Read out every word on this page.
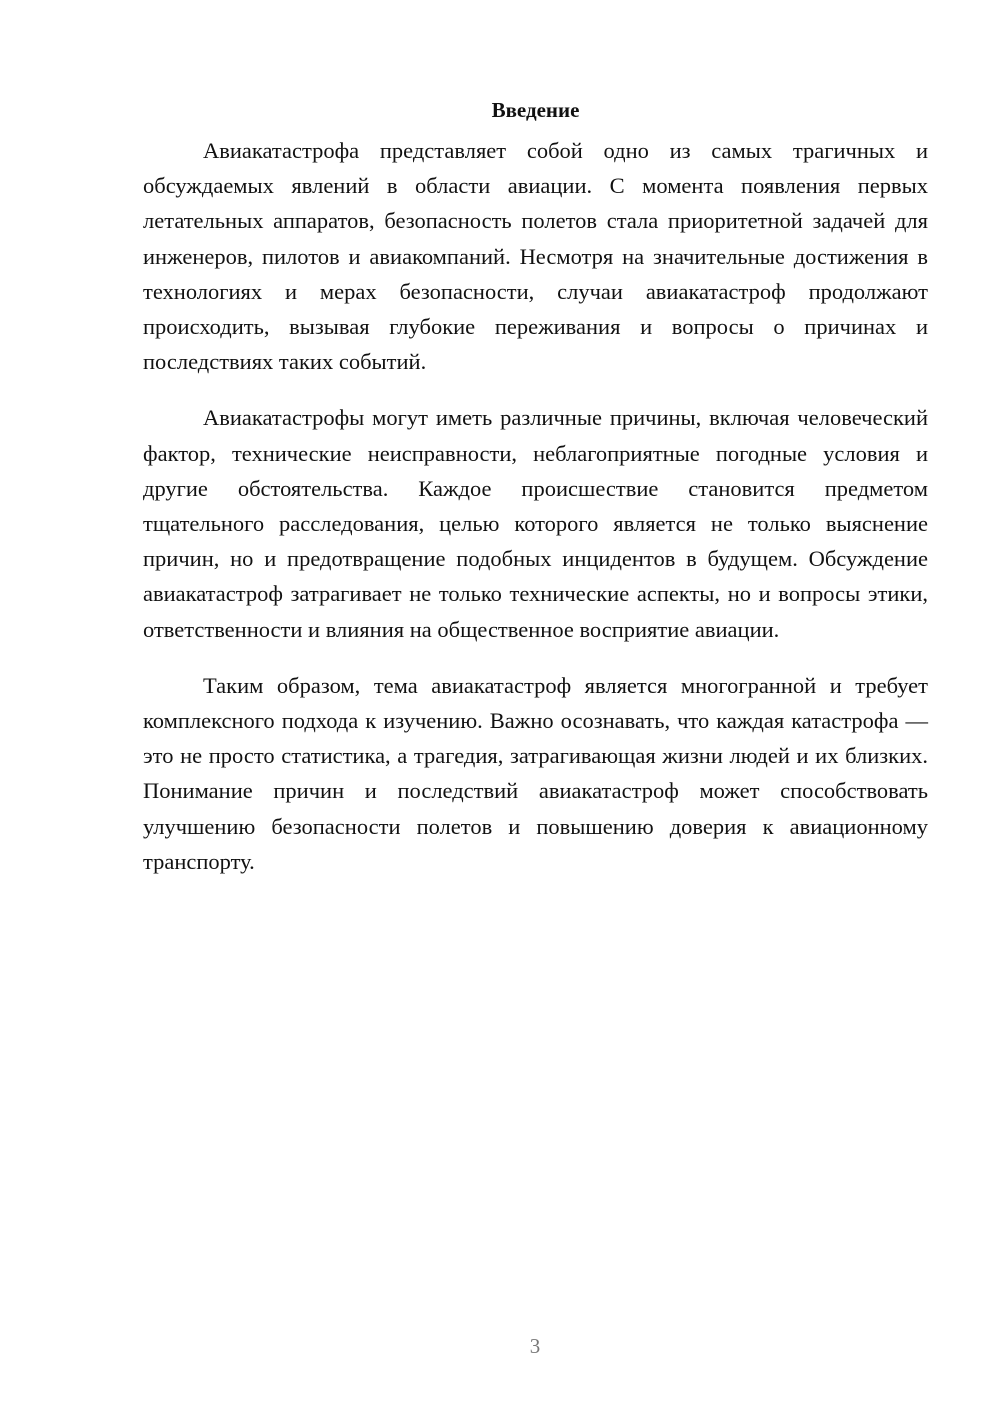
Введение

Авиакатастрофа представляет собой одно из самых трагичных и обсуждаемых явлений в области авиации. С момента появления первых летательных аппаратов, безопасность полетов стала приоритетной задачей для инженеров, пилотов и авиакомпаний. Несмотря на значительные достижения в технологиях и мерах безопасности, случаи авиакатастроф продолжают происходить, вызывая глубокие переживания и вопросы о причинах и последствиях таких событий.

Авиакатастрофы могут иметь различные причины, включая человеческий фактор, технические неисправности, неблагоприятные погодные условия и другие обстоятельства. Каждое происшествие становится предметом тщательного расследования, целью которого является не только выяснение причин, но и предотвращение подобных инцидентов в будущем. Обсуждение авиакатастроф затрагивает не только технические аспекты, но и вопросы этики, ответственности и влияния на общественное восприятие авиации.

Таким образом, тема авиакатастроф является многогранной и требует комплексного подхода к изучению. Важно осознавать, что каждая катастрофа — это не просто статистика, а трагедия, затрагивающая жизни людей и их близких. Понимание причин и последствий авиакатастроф может способствовать улучшению безопасности полетов и повышению доверия к авиационному транспорту.

3
